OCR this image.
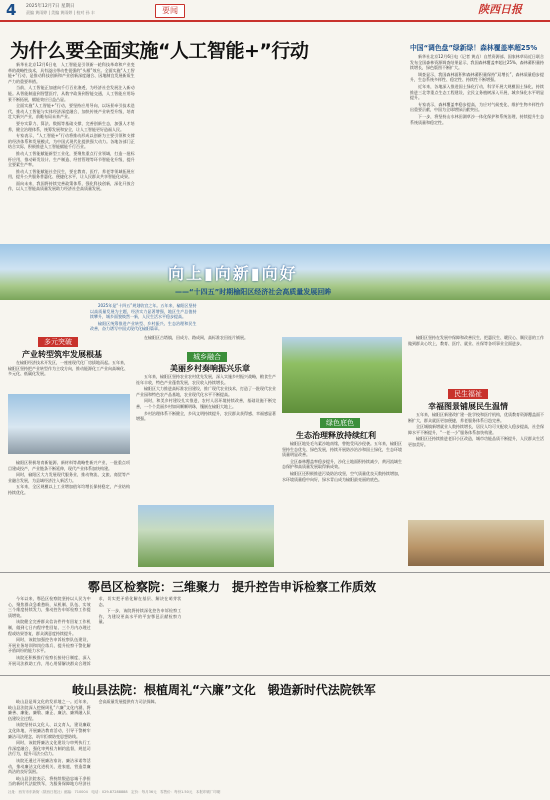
4 2025年12月7日 星期日
责编 黄雨婷 | 美编 黄雨婷 | 校对 孙 丰	要闻	陕西日报
为什么要全面实施“人工智能+”行动

新华社北京12月6日电　人工智能是引领新一轮科技革命和产业变革的战略性技术，具有溢出带动性很强的“头雁”效应。全面实施“人工智能+”行动，是推动科技创新和产业创新深度融合、因地制宜发展新质生产力的重要举措。

当前，人工智能正加速向千行百业渗透，为经济社会发展注入新动能。从智能制造到智慧医疗，从数字政务到智能交通，人工智能应用场景不断拓展，赋能效应日益凸显。

全面实施“人工智能+”行动，要坚持应用导向，以场景牵引技术迭代，推动人工智能与实体经济深度融合，加快传统产业转型升级，培育壮大新兴产业，前瞻布局未来产业。

要夯实算力、算法、数据等基础支撑，完善创新生态，加强人才培养，健全治理体系，统筹发展和安全，让人工智能更好造福人民。

专家表示，“人工智能+”行动将推动形成以创新为主要引领和支撑的经济体系和发展模式，为中国式现代化提供强大动力。各地各部门正结合实际，积极推进人工智能赋能千行百业。

推动人工智能赋能新型工业化，要聚焦重点行业领域，打造一批标杆应用，推动研发设计、生产制造、经营管理等环节智能化升级，提升全要素生产率。

推动人工智能赋能社会民生，要在教育、医疗、养老等领域拓展应用，提升公共服务普惠化、便捷化水平，让人民群众共享智能化成果。

面向未来，我国将持续完善政策体系，强化科技创新，深化开放合作，以人工智能高质量发展助力经济社会高质量发展。

中国“调色盘”绿新绿！森林覆盖率超25%

新华社北京12月6日电（记者 黄垚）自然资源部、国家林草局近日联合发布全国森林资源调查结果显示，我国森林覆盖率超过25%，森林蓄积量持续增长，绿色版图不断扩大。

调查显示，我国森林面积和森林蓄积量保持“双增长”，森林质量稳步提升，生态系统多样性、稳定性、持续性不断增强。

近年来，各地深入推进国土绿化行动，科学开展大规模国土绿化，持续推进三北等重点生态工程建设，全民义务植树深入开展，城乡绿化水平明显提升。

专家表示，森林覆盖率稳步提高，为应对气候变化、维护生物多样性作出重要贡献，中国为全球增绿贡献突出。

下一步，将坚持山水林田湖草沙一体化保护和系统治理，持续提升生态系统质量和稳定性。

向上▮向新▮向好
——“十四五”时期榆阳区经济社会高质量发展回眸

2025年是“十四五”规划收官之年。五年来，榆阳区坚持以高质量发展为主题，经济实力显著增强，地区生产总值持续攀升，城乡面貌焕然一新，人民生活水平稳步提高。

榆阳区统筹推进产业转型、乡村振兴、生态治理和民生改善，奋力谱写中国式现代化榆阳篇章。

多元突破
产业转型筑牢发展根基

在榆阳经济技术开发区，一座座现代化厂房拔地而起。五年来，榆阳区坚持把产业转型作为主攻方向，推动能源化工产业向高端化、多元化、低碳化发展。

榆阳区积极培育新能源、新材料等战略性新兴产业，一批重点项目建成投产，产业链条不断延伸，现代产业体系加快构建。

同时，榆阳区大力发展现代服务业，推动物流、文旅、商贸等产业融合发展，为县域经济注入新活力。

五年来，全区规模以上工业增加值年均增长保持稳定，产业结构持续优化。

在榆阳区古塔镇，田成方、路成网，高标准农田连片铺展。

城乡融合
美丽乡村奏响振兴乐章

五年来，榆阳区坚持农业农村优先发展，深入实施乡村振兴战略，粮食生产连年丰收，特色产业蓬勃发展，农民收入持续增长。

榆阳区大力推进高标准农田建设，推广现代农业技术，打造了一批现代农业产业园和特色农产品基地，农业现代化水平不断提高。

同时，和美乡村建设扎实推进，农村人居环境持续改善，基础设施不断完善，一个个美丽乡村如同颗颗明珠，镶嵌在榆阳大地上。

乡村治理体系不断健全，乡风文明持续提升，农民群众获得感、幸福感显著增强。

绿色底色
生态治理释放持续红利

榆阳区地处毛乌素沙地南缘，曾饱受风沙侵袭。五年来，榆阳区坚持生态优先、绿色发展，持续开展防沙治沙和国土绿化，生态环境质量明显改善。

全区森林覆盖率稳步提升，沙化土地面积持续减少，黄河流域生态保护和高质量发展取得新成效。

榆阳区还积极推进污染防治攻坚，空气质量优良天数持续增加，水环境质量稳中向好，绿水青山成为榆阳最亮丽的底色。

榆阳区坚持在发展中保障和改善民生，把惠民生、暖民心、顺民意的工作做到群众心坎上，教育、医疗、就业、社保等各项事业全面进步。

民生福祉
幸福图景铺展民生温情

五年来，榆阳区新建改扩建一批学校和医疗机构，优质教育资源覆盖面不断扩大，群众就医更加便捷，养老服务体系日趋完善。

全区城镇新增就业人数持续增长，居民人均可支配收入稳步提高，社会保障水平不断提升，“一老一小”服务体系加快构建。

榆阳区还持续推进老旧小区改造，城市功能品质不断提升，人民群众生活更加美好。

鄠邑区检察院：三维聚力　提升控告申诉检察工作质效

今年以来，鄠邑区检察院坚持以人民为中心，聚焦群众急难愁盼，从机制、队伍、实效三个维度持续发力，推动控告申诉检察工作提质增效。

该院健全完善群众信访件件有回复工作机制，做到七日内程序性回复、三个月内办理过程或结果答复，群众满意度持续提升。

同时，该院加强控告申诉检察队伍建设，开展业务培训和岗位练兵，提升检察干警化解矛盾纠纷的能力水平。

该院还积极推行检察长接待日制度，深入开展司法救助工作，用心用情解决群众合理诉求，切实把矛盾化解在基层、解决在萌芽状态。

下一步，该院将持续深化控告申诉检察工作，为建设更高水平的平安鄠邑贡献检察力量。

岐山县法院：根植周礼“六廉”文化　锻造新时代法院铁军

岐山县是周文化的发祥地之一。近年来，岐山县法院深入挖掘周礼“六廉”文化内涵，将廉善、廉能、廉敬、廉正、廉法、廉辨融入队伍建设全过程。

该院坚持以文化人、以文育人，建设廉政文化阵地，开展廉洁教育活动，引导干警树牢廉洁司法理念，筑牢拒腐防变思想防线。

同时，该院将廉洁文化建设与审判执行工作深度融合，强化审判权力制约监督，规范司法行为，提升司法公信力。

该院还通过开展廉洁家访、廉洁承诺等活动，推动廉洁文化进机关、进家庭，营造崇廉尚洁的良好氛围。

岐山县法院表示，将持续锻造忠诚干净担当的新时代法院铁军，为服务保障地方经济社会高质量发展提供有力司法保障。

社址：西安市东新街（陕西日报社）邮编：710004　电话：029-87288888　定价：每月36元　零售价：每份1.50元　本报印刷厂印刷
